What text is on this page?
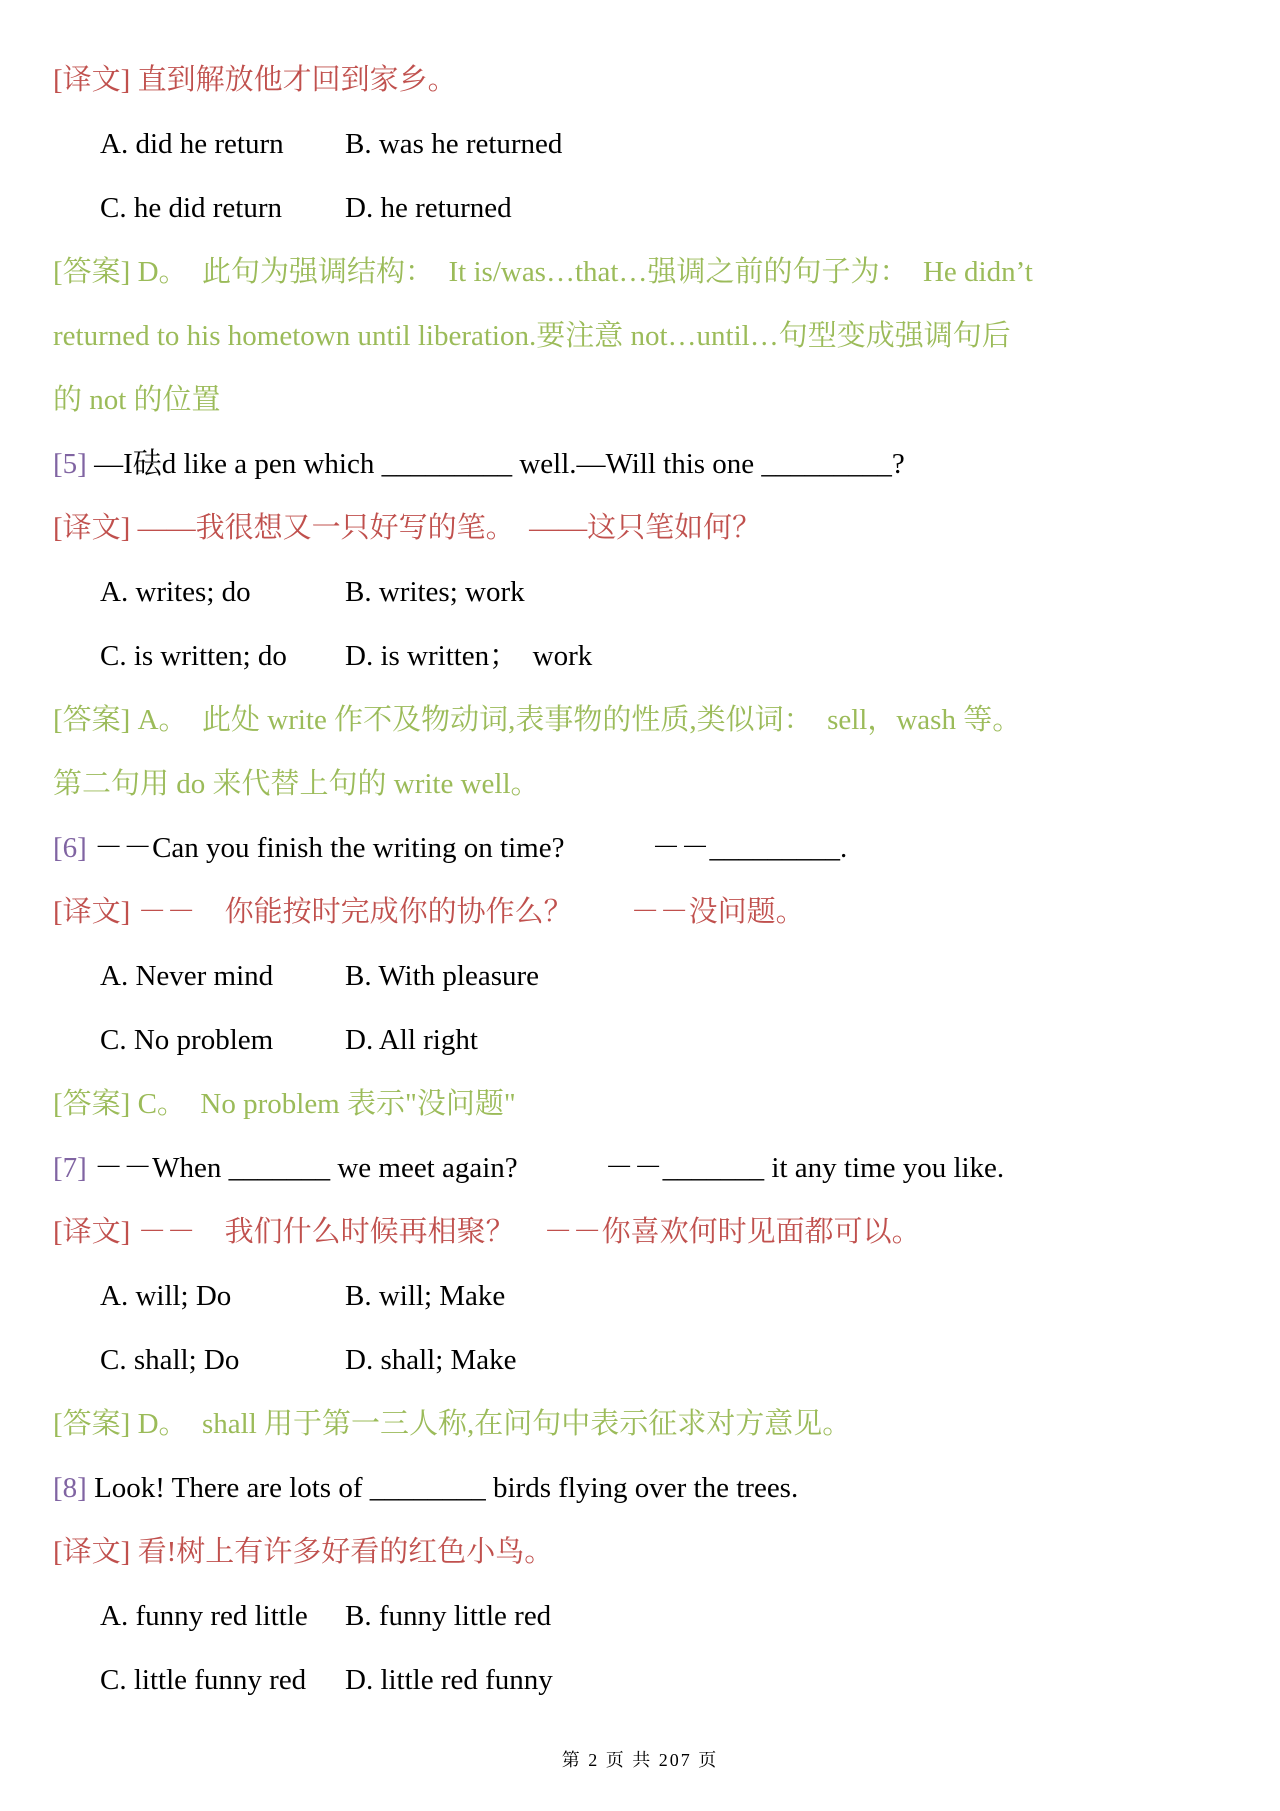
[译文] 直到解放他才回到家乡。
A. did he return B. was he returned
C. he did return D. he returned
[答案] D。　此句为强调结构：　It is/was…that…强调之前的句子为：　He didn’t
returned to his hometown until liberation.要注意 not…until…句型变成强调句后
的 not 的位置
[5] —I砝d like a pen which _________ well.—Will this one _________?
[译文] ——我很想又一只好写的笔。　——这只笔如何？
A. writes; do	B. writes; work
C. is written; do D. is written；  work
[答案] A。　此处 write 作不及物动词,表事物的性质,类似词：　sell，wash 等。
第二句用 do 来代替上句的 write well。
[6] －－Can you finish the writing on time?　　　－－_________.
[译文] －－　你能按时完成你的协作么？　　－－没问题。
A. Never mind B. With pleasure
C. No problem D. All right
[答案] C。　No problem 表示"没问题"
[7] －－When _______ we meet again?　　　－－_______ it any time you like.
[译文] －－　我们什么时候再相聚？　－－你喜欢何时见面都可以。
A. will; Do	B. will; Make
C. shall; Do	D. shall; Make
[答案] D。　shall 用于第一三人称,在问句中表示征求对方意见。
[8] Look! There are lots of ________ birds flying over the trees.
[译文] 看!树上有许多好看的红色小鸟。
A. funny red little B. funny little red
C. little funny red D. little red funny
第 2 页 共 207 页
